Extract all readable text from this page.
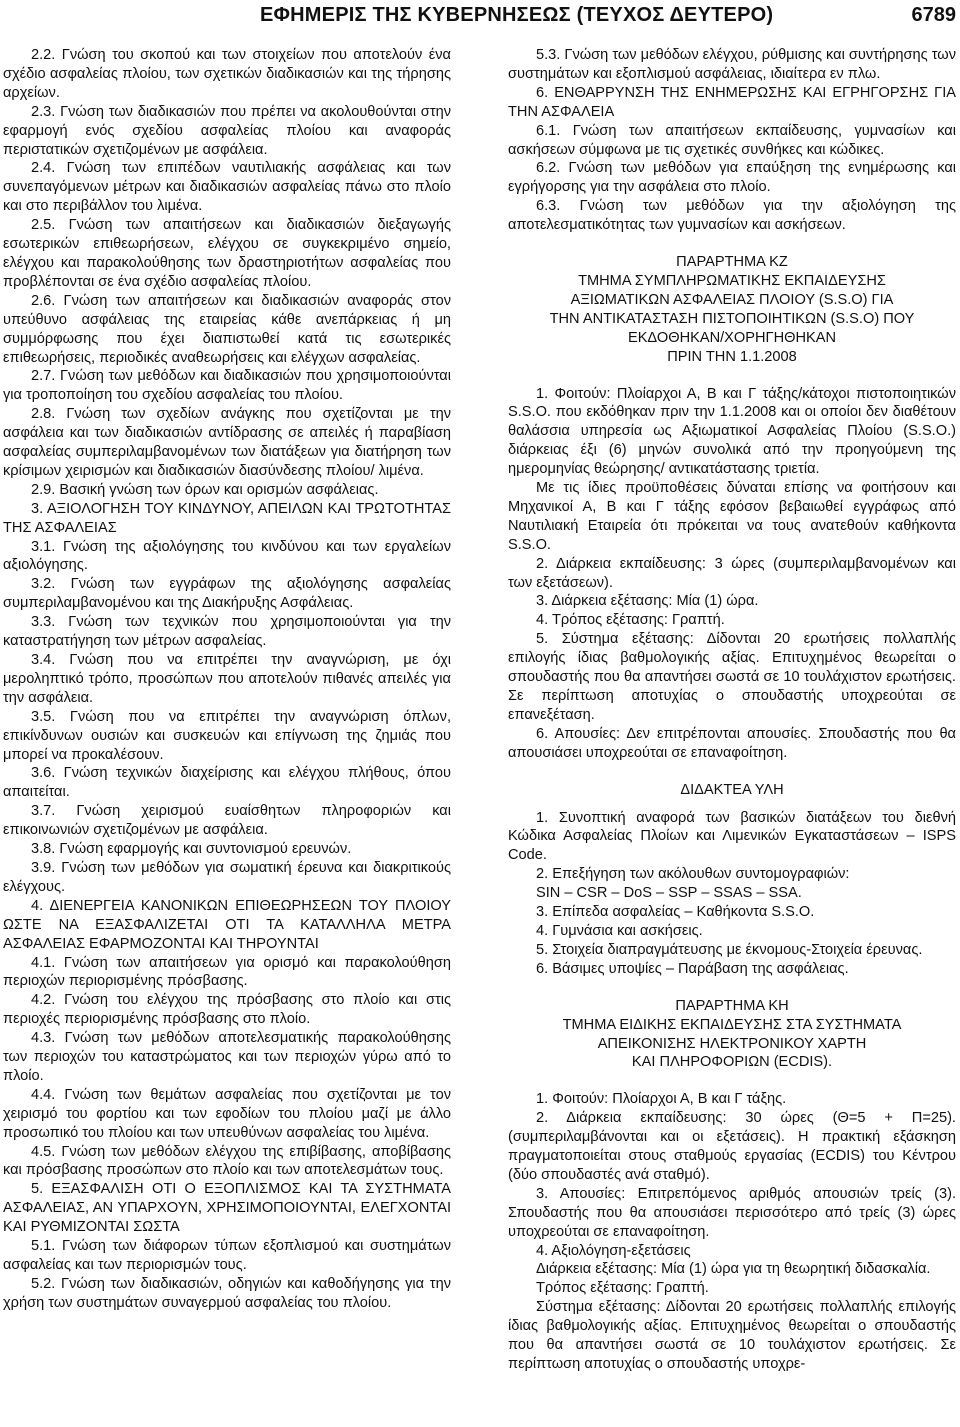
ΕΦΗΜΕΡΙΣ ΤΗΣ ΚΥΒΕΡΝΗΣΕΩΣ (ΤΕΥΧΟΣ ΔΕΥΤΕΡΟ)	6789

2.2. Γνώση του σκοπού και των στοιχείων που αποτελούν ένα σχέδιο ασφαλείας πλοίου, των σχετικών διαδικασιών και της τήρησης αρχείων.

2.3. Γνώση των διαδικασιών που πρέπει να ακολουθούνται στην εφαρμογή ενός σχεδίου ασφαλείας πλοίου και αναφοράς περιστατικών σχετιζομένων με ασφάλεια.

2.4. Γνώση των επιπέδων ναυτιλιακής ασφάλειας και των συνεπαγόμενων μέτρων και διαδικασιών ασφαλείας πάνω στο πλοίο και στο περιβάλλον του λιμένα.

2.5. Γνώση των απαιτήσεων και διαδικασιών διεξαγωγής εσωτερικών επιθεωρήσεων, ελέγχου σε συγκεκριμένο σημείο, ελέγχου και παρακολούθησης των δραστηριοτήτων ασφαλείας που προβλέπονται σε ένα σχέδιο ασφαλείας πλοίου.

2.6. Γνώση των απαιτήσεων και διαδικασιών αναφοράς στον υπεύθυνο ασφάλειας της εταιρείας κάθε ανεπάρκειας ή μη συμμόρφωσης που έχει διαπιστωθεί κατά τις εσωτερικές επιθεωρήσεις, περιοδικές αναθεωρήσεις και ελέγχων ασφαλείας.

2.7. Γνώση των μεθόδων και διαδικασιών που χρησιμοποιούνται για τροποποίηση του σχεδίου ασφαλείας του πλοίου.

2.8. Γνώση των σχεδίων ανάγκης που σχετίζονται με την ασφάλεια και των διαδικασιών αντίδρασης σε απειλές ή παραβίαση ασφαλείας συμπεριλαμβανομένων των διατάξεων για διατήρηση των κρίσιμων χειρισμών και διαδικασιών διασύνδεσης πλοίου/ λιμένα.

2.9. Βασική γνώση των όρων και ορισμών ασφάλειας.

3. ΑΞΙΟΛΟΓΗΣΗ ΤΟΥ ΚΙΝΔΥΝΟΥ, ΑΠΕΙΛΩΝ ΚΑΙ ΤΡΩΤΟΤΗΤΑΣ ΤΗΣ ΑΣΦΑΛΕΙΑΣ

3.1. Γνώση της αξιολόγησης του κινδύνου και των εργαλείων αξιολόγησης.

3.2. Γνώση των εγγράφων της αξιολόγησης ασφαλείας συμπεριλαμβανομένου και της Διακήρυξης Ασφάλειας.

3.3. Γνώση των τεχνικών που χρησιμοποιούνται για την καταστρατήγηση των μέτρων ασφαλείας.

3.4. Γνώση που να επιτρέπει την αναγνώριση, με όχι μεροληπτικό τρόπο, προσώπων που αποτελούν πιθανές απειλές για την ασφάλεια.

3.5. Γνώση που να επιτρέπει την αναγνώριση όπλων, επικίνδυνων ουσιών και συσκευών και επίγνωση της ζημιάς που μπορεί να προκαλέσουν.

3.6. Γνώση τεχνικών διαχείρισης και ελέγχου πλήθους, όπου απαιτείται.

3.7. Γνώση χειρισμού ευαίσθητων πληροφοριών και επικοινωνιών σχετιζομένων με ασφάλεια.

3.8. Γνώση εφαρμογής και συντονισμού ερευνών.

3.9. Γνώση των μεθόδων για σωματική έρευνα και διακριτικούς ελέγχους.

4. ΔΙΕΝΕΡΓΕΙΑ ΚΑΝΟΝΙΚΩΝ ΕΠΙΘΕΩΡΗΣΕΩΝ ΤΟΥ ΠΛΟΙΟΥ ΩΣΤΕ ΝΑ ΕΞΑΣΦΑΛΙΖΕΤΑΙ ΟΤΙ ΤΑ ΚΑΤΑΛΛΗΛΑ ΜΕΤΡΑ ΑΣΦΑΛΕΙΑΣ ΕΦΑΡΜΟΖΟΝΤΑΙ ΚΑΙ ΤΗΡΟΥΝΤΑΙ

4.1. Γνώση των απαιτήσεων για ορισμό και παρακολούθηση περιοχών περιορισμένης πρόσβασης.

4.2. Γνώση του ελέγχου της πρόσβασης στο πλοίο και στις περιοχές περιορισμένης πρόσβασης στο πλοίο.

4.3. Γνώση των μεθόδων αποτελεσματικής παρακολούθησης των περιοχών του καταστρώματος και των περιοχών γύρω από το πλοίο.

4.4. Γνώση των θεμάτων ασφαλείας που σχετίζονται με τον χειρισμό του φορτίου και των εφοδίων του πλοίου μαζί με άλλο προσωπικό του πλοίου και των υπευθύνων ασφαλείας του λιμένα.

4.5. Γνώση των μεθόδων ελέγχου της επιβίβασης, αποβίβασης και πρόσβασης προσώπων στο πλοίο και των αποτελεσμάτων τους.

5. ΕΞΑΣΦΑΛΙΣΗ ΟΤΙ Ο ΕΞΟΠΛΙΣΜΟΣ ΚΑΙ ΤΑ ΣΥΣΤΗΜΑΤΑ ΑΣΦΑΛΕΙΑΣ, ΑΝ ΥΠΑΡΧΟΥΝ, ΧΡΗΣΙΜΟΠΟΙΟΥΝΤΑΙ, ΕΛΕΓΧΟΝΤΑΙ ΚΑΙ ΡΥΘΜΙΖΟΝΤΑΙ ΣΩΣΤΑ

5.1. Γνώση των διάφορων τύπων εξοπλισμού και συστημάτων ασφαλείας και των περιορισμών τους.

5.2. Γνώση των διαδικασιών, οδηγιών και καθοδήγησης για την χρήση των συστημάτων συναγερμού ασφαλείας του πλοίου.

5.3. Γνώση των μεθόδων ελέγχου, ρύθμισης και συντήρησης των συστημάτων και εξοπλισμού ασφάλειας, ιδιαίτερα εν πλω.

6. ΕΝΘΑΡΡΥΝΣΗ ΤΗΣ ΕΝΗΜΕΡΩΣΗΣ ΚΑΙ ΕΓΡΗΓΟΡΣΗΣ ΓΙΑ ΤΗΝ ΑΣΦΑΛΕΙΑ

6.1. Γνώση των απαιτήσεων εκπαίδευσης, γυμνασίων και ασκήσεων σύμφωνα με τις σχετικές συνθήκες και κώδικες.

6.2. Γνώση των μεθόδων για επαύξηση της ενημέρωσης και εγρήγορσης για την ασφάλεια στο πλοίο.

6.3. Γνώση των μεθόδων για την αξιολόγηση της αποτελεσματικότητας των γυμνασίων και ασκήσεων.

ΠΑΡΑΡΤΗΜΑ ΚΖ

ΤΜΗΜΑ ΣΥΜΠΛΗΡΩΜΑΤΙΚΗΣ ΕΚΠΑΙΔΕΥΣΗΣ

ΑΞΙΩΜΑΤΙΚΩΝ ΑΣΦΑΛΕΙΑΣ ΠΛΟΙΟΥ (S.S.O) ΓΙΑ

ΤΗΝ ΑΝΤΙΚΑΤΑΣΤΑΣΗ ΠΙΣΤΟΠΟΙΗΤΙΚΩΝ (S.S.O) ΠΟΥ

ΕΚΔΟΘΗΚΑΝ/ΧΟΡΗΓΗΘΗΚΑΝ

ΠΡΙΝ ΤΗΝ 1.1.2008

1. Φοιτούν: Πλοίαρχοι Α, Β και Γ τάξης/κάτοχοι πιστοποιητικών S.S.O. που εκδόθηκαν πριν την 1.1.2008 και οι οποίοι δεν διαθέτουν θαλάσσια υπηρεσία ως Αξιωματικοί Ασφαλείας Πλοίου (S.S.O.) διάρκειας έξι (6) μηνών συνολικά από την προηγούμενη της ημερομηνίας θεώρησης/ αντικατάστασης τριετία.

Με τις ίδιες προϋποθέσεις δύναται επίσης να φοιτήσουν και Μηχανικοί Α, Β και Γ τάξης εφόσον βεβαιωθεί εγγράφως από Ναυτιλιακή Εταιρεία ότι πρόκειται να τους ανατεθούν καθήκοντα S.S.O.

2. Διάρκεια εκπαίδευσης: 3 ώρες (συμπεριλαμβανομένων και των εξετάσεων).

3. Διάρκεια εξέτασης: Μία (1) ώρα.

4. Τρόπος εξέτασης: Γραπτή.

5. Σύστημα εξέτασης: Δίδονται 20 ερωτήσεις πολλαπλής επιλογής ίδιας βαθμολογικής αξίας. Επιτυχημένος θεωρείται ο σπουδαστής που θα απαντήσει σωστά σε 10 τουλάχιστον ερωτήσεις. Σε περίπτωση αποτυχίας ο σπουδαστής υποχρεούται σε επανεξέταση.

6. Απουσίες: Δεν επιτρέπονται απουσίες. Σπουδαστής που θα απουσιάσει υποχρεούται σε επαναφοίτηση.

ΔΙΔΑΚΤΕΑ ΥΛΗ

1. Συνοπτική αναφορά των βασικών διατάξεων του διεθνή Κώδικα Ασφαλείας Πλοίων και Λιμενικών Εγκαταστάσεων – ISPS Code.

2. Επεξήγηση των ακόλουθων συντομογραφιών:

SIN – CSR – DoS – SSP – SSAS – SSA.

3. Επίπεδα ασφαλείας – Καθήκοντα S.S.O.

4. Γυμνάσια και ασκήσεις.

5. Στοιχεία διαπραγμάτευσης με έκνομους-Στοιχεία έρευνας.

6. Βάσιμες υποψίες – Παράβαση της ασφάλειας.

ΠΑΡΑΡΤΗΜΑ ΚΗ

ΤΜΗΜΑ ΕΙΔΙΚΗΣ ΕΚΠΑΙΔΕΥΣΗΣ ΣΤΑ ΣΥΣΤΗΜΑΤΑ

ΑΠΕΙΚΟΝΙΣΗΣ ΗΛΕΚΤΡΟΝΙΚΟΥ ΧΑΡΤΗ

ΚΑΙ ΠΛΗΡΟΦΟΡΙΩΝ (ECDIS).

1. Φοιτούν: Πλοίαρχοι Α, Β και Γ τάξης.

2. Διάρκεια εκπαίδευσης: 30 ώρες (Θ=5 + Π=25). (συμπεριλαμβάνονται και οι εξετάσεις). Η πρακτική εξάσκηση πραγματοποιείται στους σταθμούς εργασίας (ECDIS) του Κέντρου (δύο σπουδαστές ανά σταθμό).

3. Απουσίες: Επιτρεπόμενος αριθμός απουσιών τρείς (3). Σπουδαστής που θα απουσιάσει περισσότερο από τρείς (3) ώρες υποχρεούται σε επαναφοίτηση.

4. Αξιολόγηση-εξετάσεις

Διάρκεια εξέτασης: Μία (1) ώρα για τη θεωρητική διδασκαλία.

Τρόπος εξέτασης: Γραπτή.

Σύστημα εξέτασης: Δίδονται 20 ερωτήσεις πολλαπλής επιλογής ίδιας βαθμολογικής αξίας. Επιτυχημένος θεωρείται ο σπουδαστής που θα απαντήσει σωστά σε 10 τουλάχιστον ερωτήσεις. Σε περίπτωση αποτυχίας ο σπουδαστής υποχρε-
